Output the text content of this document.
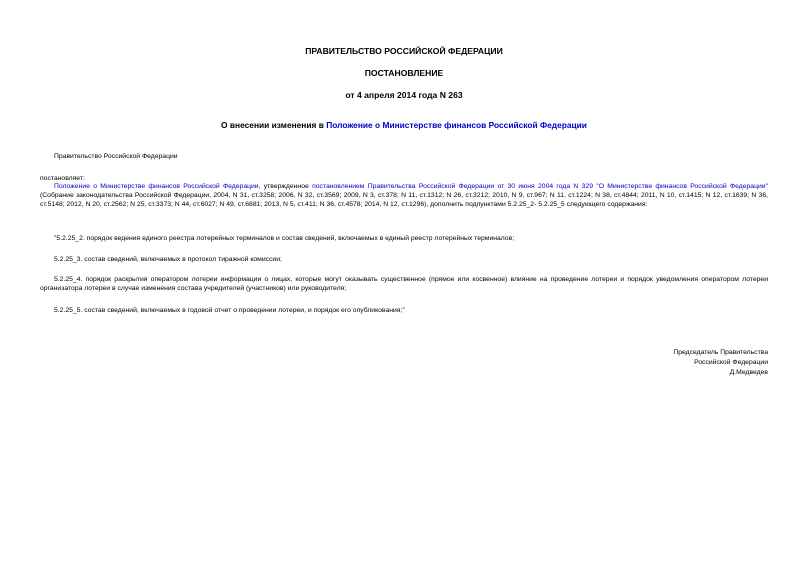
ПРАВИТЕЛЬСТВО РОССИЙСКОЙ ФЕДЕРАЦИИ
ПОСТАНОВЛЕНИЕ
от 4 апреля 2014 года N 263
О внесении изменения в Положение о Министерстве финансов Российской Федерации
Правительство Российской Федерации
постановляет:
Положение о Министерстве финансов Российской Федерации, утвержденное постановлением Правительства Российской Федерации от 30 июня 2004 года N 329 "О Министерстве финансов Российской Федерации" (Собрание законодательства Российской Федерации, 2004, N 31, ст.3258; 2006, N 32, ст.3569; 2009, N 3, ст.378; N 11, ст.1312; N 26, ст.3212; 2010, N 9, ст.967; N 11, ст.1224; N 38, ст.4844; 2011, N 10, ст.1415; N 12, ст.1639; N 36, ст.5148; 2012, N 20, ст.2562; N 25, ст.3373; N 44, ст.6027; N 49, ст.6881; 2013, N 5, ст.411; N 36, ст.4578; 2014, N 12, ст.1296), дополнить подпунктами 5.2.25_2- 5.2.25_5 следующего содержания:
"5.2.25_2. порядок ведения единого реестра лотерейных терминалов и состав сведений, включаемых в единый реестр лотерейных терминалов;
5.2.25_3. состав сведений, включаемых в протокол тиражной комиссии;
5.2.25_4. порядок раскрытия оператором лотереи информации о лицах, которые могут оказывать существенное (прямое или косвенное) влияние на проведение лотереи и порядок уведомления оператором лотереи организатора лотереи в случае изменения состава учредителей (участников) или руководителя;
5.2.25_5. состав сведений, включаемых в годовой отчет о проведении лотереи, и порядок его опубликования;"
Председатель Правительства
Российской Федерации
Д.Медведев
